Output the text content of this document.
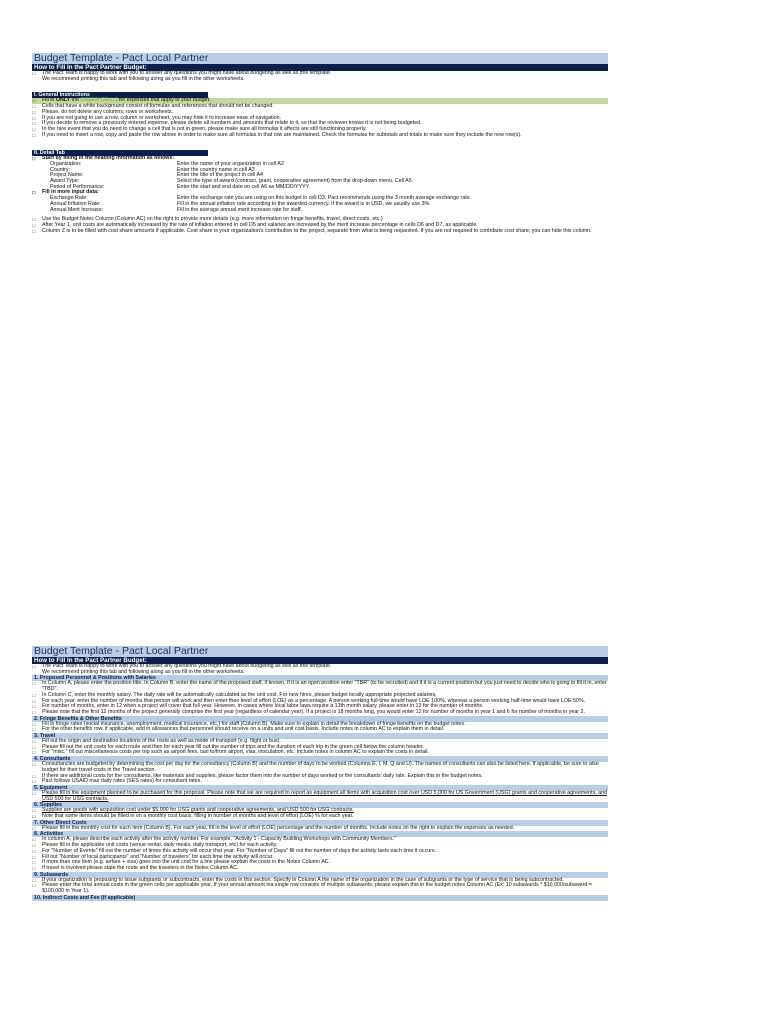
Budget Template - Pact Local Partner
How to Fill In the Pact Partner Budget:
☐ The Pact Team is happy to work with you to answer any questions you might have about budgeting as well as this template.
We recommend printing this tab and following along as you fill in the other worksheets.
I. General Instructions
☐ Fill in ONLY the GREEN CELLS for expenses that apply to your budget.
☐ Cells that have a white background consist of formulas and references that should not be changed.
☐ Please, do not delete any columns, rows or worksheets.
☐ If you are not going to use a row, column or worksheet, you may hide it to increase ease of navigation.
☐ If you decide to remove a previously entered expense, please delete all numbers and amounts that relate to it, so that the reviewer knows it is not being budgeted.
☐ In the rare event that you do need to change a cell that is not in green, please make sure all formulas it affects are still functioning properly.
☐ If you need to insert a row, copy and paste the row above in order to make sure all formulas in that row are maintained. Check the formulas for subtotals and totals to make sure they include the new row(s).
II. Detail Tab
☐ Start by filling in the heading information as follows:
Organization:	Enter the name of your organization in cell A2
Country:	Enter the country name in cell A3
Project Name:	Enter the title of the project in cell A4
Award Type:	Select the type of award (contract, grant, cooperative agreement) from the drop-down menu. Cell A5
Period of Performance:	Enter the start and end date on cell A6 as MM/DD/YYYY.
☐ Fill in more input data:
Exchange Rate:	Enter the exchange rate you are using on this budget in cell D3. Pact recommends using the 3 month average exchange rate.
Annual Inflation Rate:	Fill in the annual inflation rate according to the awarded currency. If the award is in USD, we usually use 3%.
Annual Merit Increase:	Fill in the average annual merit increase rate for staff.
☐ Use the Budget Notes Column (Column AC) on the right to provide more details (e.g. more information on fringe benefits, travel, direct costs, etc.)
☐ After Year 1, unit costs are automatically increased by the rate of inflation entered in cell D5 and salaries are increased by the merit increase percentage in cells D6 and D7, as applicable.
☐ Column Z is to be filled with cost share amounts if applicable. Cost share is your organization's contribution to the project, separate from what is being requested. If you are not required to contribute cost share, you can hide this column.
Budget Template - Pact Local Partner
How to Fill In the Pact Partner Budget:
☐ The Pact Team is happy to work with you to answer any questions you might have about budgeting as well as this template.
We recommend printing this tab and following along as you fill in the other worksheets.
1. Proposed Personnel & Positions with Salaries
☐ In Column A, please enter the position title. In Column B, enter the name of the proposed staff, if known. If it is an open position enter "TBR" (to be recruited) and if it is a current position but you just need to decide who is going to fill it in, enter "TBD".
☐ In Column C, enter the monthly salary. The daily rate will be automatically calculated as the unit cost. For new hires, please budget locally appropriate projected salaries.
☐ For each year, enter the number of months that person will work and then enter their level of effort (LOE) as a percentage. A person working full-time would have LOE 100%, whereas a person working half-time would have LOE 50%.
☐ For number of months, enter in 12 when a project will cover that full year. However, in cases where local labor laws require a 13th month salary, please enter in 13 for the number of months.
☐ Please note that the first 12 months of the project generally comprise the first year (regardless of calendar year). If a project is 18 months long, you would enter 12 for number of months in year 1 and 6 for number of months in year 2.
2. Fringe Benefits & Other Benefits
☐ Fill in fringe rates (social insurance, unemployment, medical insurance, etc.) for staff (Column B). Make sure to explain in detail the breakdown of fringe benefits on the budget notes.
☐ For the other benefits row, if applicable, add in allowances that personnel should receive on a units and unit cost basis. Include notes in column AC to explain them in detail.
3. Travel
☐ Fill out the origin and destination locations of the route as well as mode of transport (e.g. flight or bus).
☐ Please fill out the unit costs for each route and then for each year fill out the number of trips and the duration of each trip in the green cell below the column header.
☐ For "misc." fill out miscellaneous costs per trip such as airport fees, taxi to/from airport, visa, inoculation, etc. Include notes in column AC to explain the costs in detail.
4. Consultants
☐ Consultancies are budgeted by determining the cost per day for the consultancy (Column B) and the number of days to be worked (Columns E, I, M, Q and U). The names of consultants can also be listed here. If applicable, be sure to also budget for their travel costs in the Travel section.
☐ If there are additional costs for the consultants, like materials and supplies, please factor them into the number of days worked or the consultants' daily rate. Explain this in the budget notes.
☐ Pact follows USAID max daily rates (SES rates) for consultant rates.
5. Equipment
☐ Please fill in the equipment planned to be purchased for this proposal. Please note that we are required to report as equipment all items with acquisition cost over USD 5,000 for US Government (USG) grants and cooperative agreements, and USD 500 for USG contracts.
6. Supplies
☐ Supplies are goods with acquisition cost under $5,000 for USG grants and cooperative agreements, and USD 500 for USG contracts.
☐ Note that some items should be filled in on a monthly cost basis, filling in number of months and level of effort (LOE) % for each year.
7. Other Direct Costs
☐ Please fill in the monthly cost for each item (Column B). For each year, fill in the level of effort (LOE) percentage and the number of months. Include notes on the right to explain the expenses as needed.
8. Activities
☐ In column A, please describe each activity after the activity number. For example, "Activity 1 - Capacity Building Workshops with Community Members."
☐ Please fill in the applicable unit costs (venue rental, daily meals, daily transport, etc) for each activity.
☐ For "Number of Events" fill out the number of times this activity will occur that year. For "Number of Days" fill out the number of days the activity lasts each time it occurs.
☐ Fill out "Number of local participants" and "Number of travelers" for each time the activity will occur.
☐ If more than one item (e.g. airfare + visa) goes into the unit cost for a line please explain the costs in the Notes Column AC.
☐ If travel is involved please state the route and the travelers in the Notes Column AC.
9. Subawards
☐ If your organization is proposing to issue subgrants or subcontracts, enter the costs in this section. Specify in Column A the name of the organization in the case of subgrants or the type of service that is being subcontracted.
☐ Please enter the total annual costs in the green cells per applicable year. If your annual amount ina single row consists of multiple subawards, please explain this in the budget notes Column AC (Ex: 10 subawards * $10,000/subaward = $100,000 in Year 1).
10. Indirect Costs and Fee (if applicable)
